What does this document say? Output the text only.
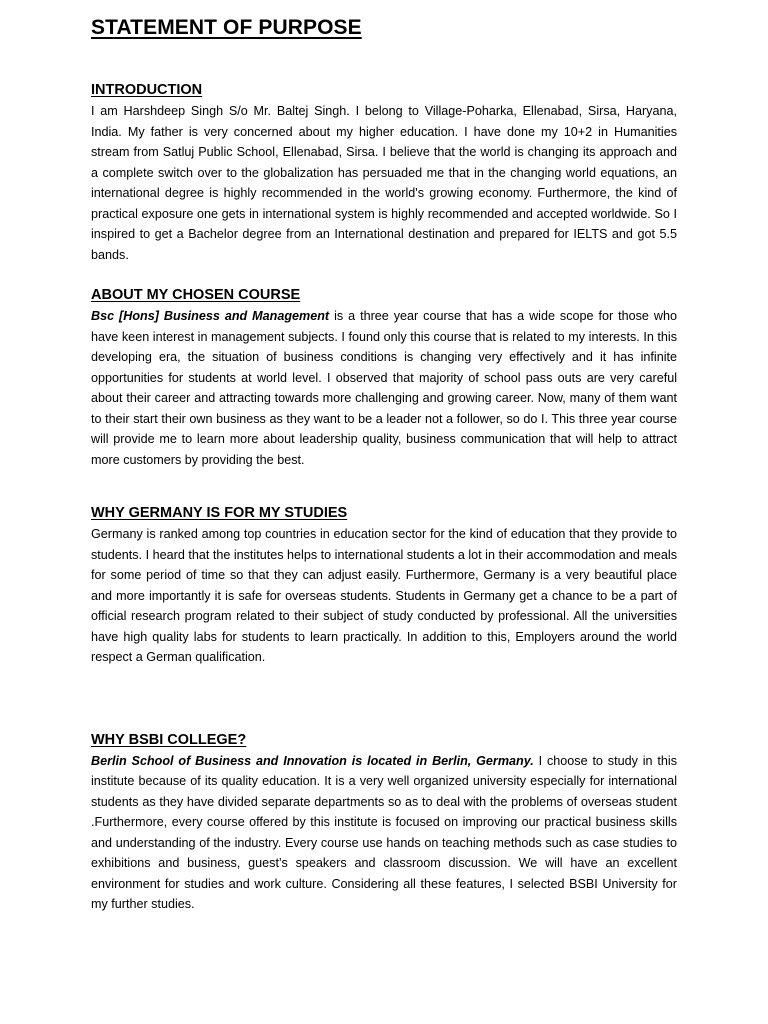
STATEMENT OF PURPOSE
INTRODUCTION

I am Harshdeep Singh S/o Mr. Baltej Singh. I belong to Village-Poharka, Ellenabad, Sirsa, Haryana, India. My father is very concerned about my higher education. I have done my 10+2 in Humanities stream from Satluj Public School, Ellenabad, Sirsa. I believe that the world is changing its approach and a complete switch over to the globalization has persuaded me that in the changing world equations, an international degree is highly recommended in the world's growing economy. Furthermore, the kind of practical exposure one gets in international system is highly recommended and accepted worldwide. So I inspired to get a Bachelor degree from an International destination and prepared for IELTS and got 5.5 bands.

ABOUT MY CHOSEN COURSE

Bsc [Hons] Business and Management is a three year course that has a wide scope for those who have keen interest in management subjects. I found only this course that is related to my interests. In this developing era, the situation of business conditions is changing very effectively and it has infinite opportunities for students at world level. I observed that majority of school pass outs are very careful about their career and attracting towards more challenging and growing career. Now, many of them want to their start their own business as they want to be a leader not a follower, so do I. This three year course will provide me to learn more about leadership quality, business communication that will help to attract more customers by providing the best.

WHY GERMANY IS FOR MY STUDIES

Germany is ranked among top countries in education sector for the kind of education that they provide to students. I heard that the institutes helps to international students a lot in their accommodation and meals for some period of time so that they can adjust easily. Furthermore, Germany is a very beautiful place and more importantly it is safe for overseas students. Students in Germany get a chance to be a part of official research program related to their subject of study conducted by professional. All the universities have high quality labs for students to learn practically. In addition to this, Employers around the world respect a German qualification.

WHY BSBI COLLEGE?

Berlin School of Business and Innovation is located in Berlin, Germany. I choose to study in this institute because of its quality education. It is a very well organized university especially for international students as they have divided separate departments so as to deal with the problems of overseas student .Furthermore, every course offered by this institute is focused on improving our practical business skills and understanding of the industry. Every course use hands on teaching methods such as case studies to exhibitions and business, guest’s speakers and classroom discussion. We will have an excellent environment for studies and work culture. Considering all these features, I selected BSBI University for my further studies.
